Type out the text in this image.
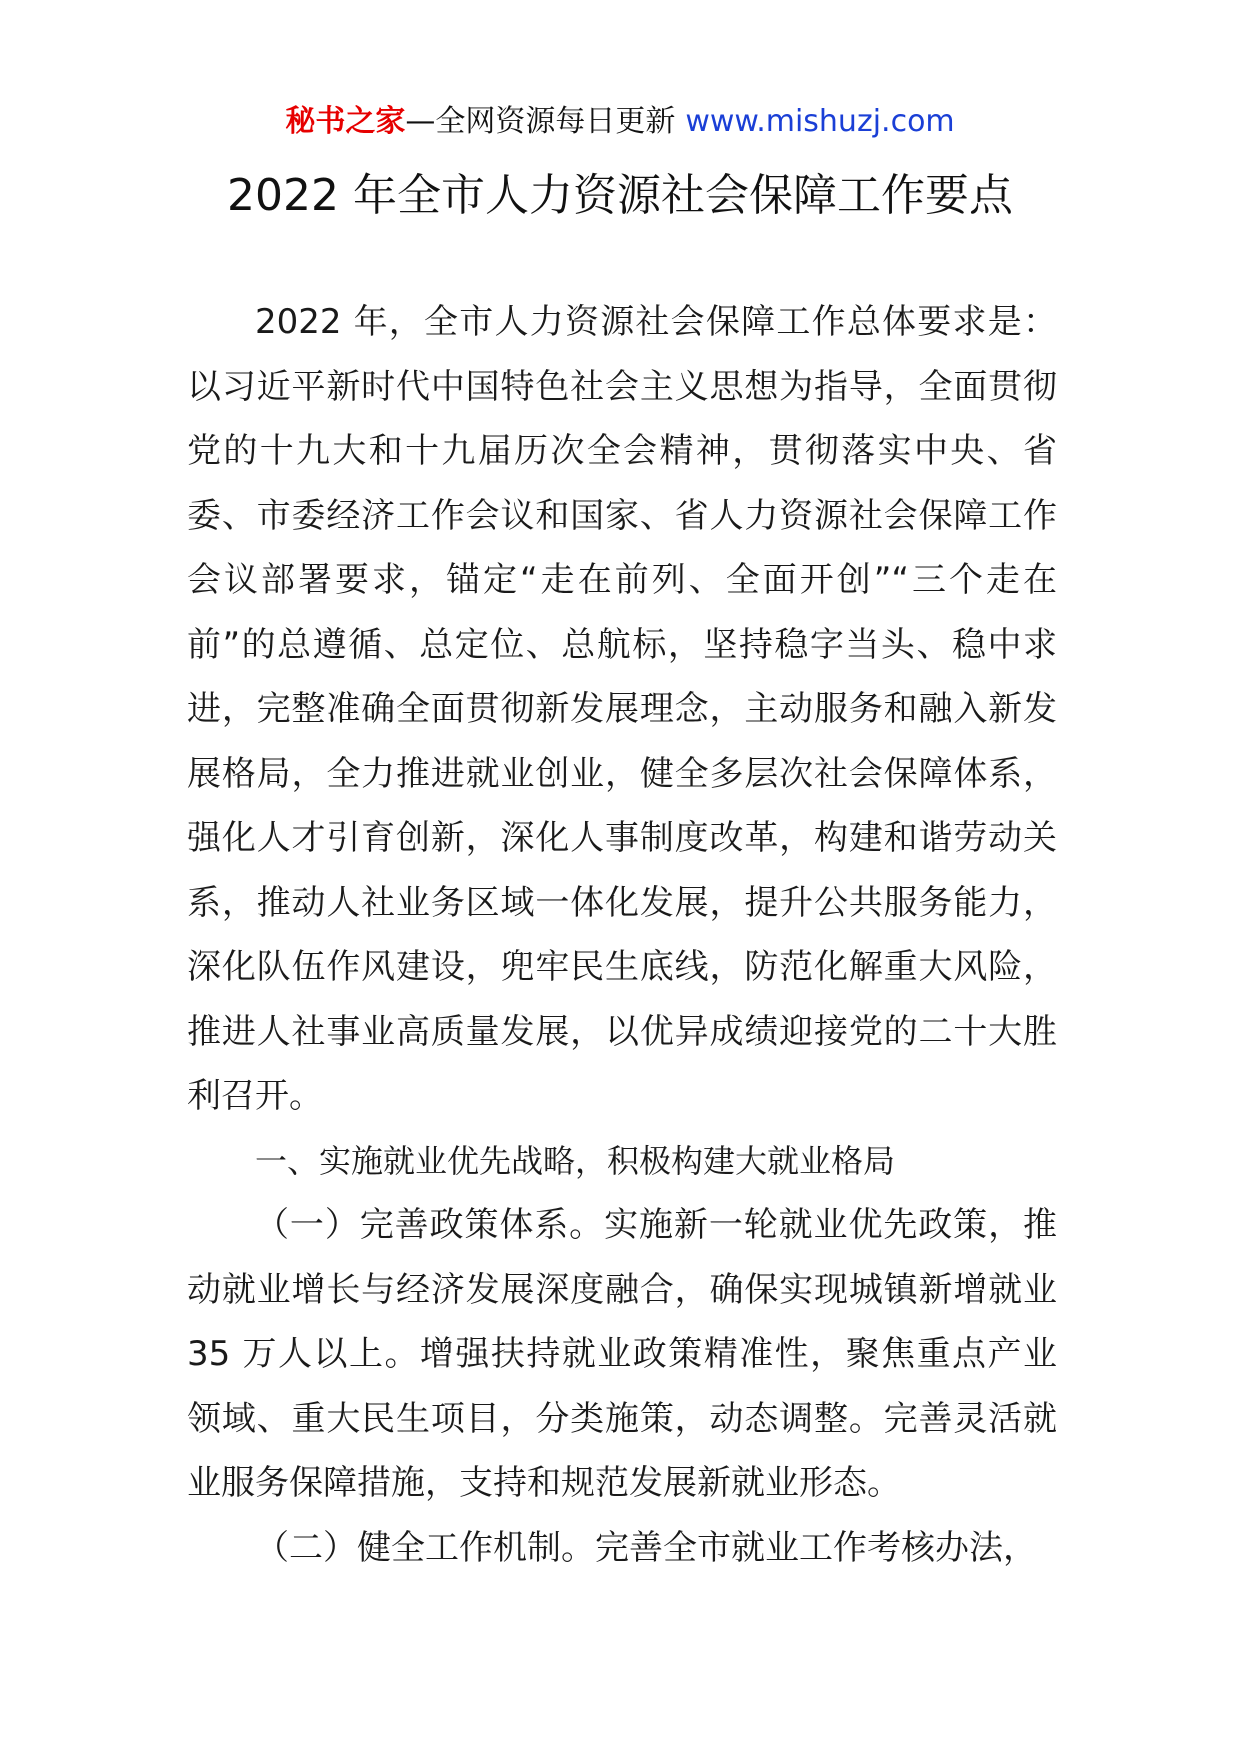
秘书之家—全网资源每日更新 www.mishuzj.com
2022 年全市人力资源社会保障工作要点

2022 年，全市人力资源社会保障工作总体要求是：以习近平新时代中国特色社会主义思想为指导，全面贯彻党的十九大和十九届历次全会精神，贯彻落实中央、省委、市委经济工作会议和国家、省人力资源社会保障工作会议部署要求，锚定“走在前列、全面开创”“三个走在前”的总遵循、总定位、总航标，坚持稳字当头、稳中求进，完整准确全面贯彻新发展理念，主动服务和融入新发展格局，全力推进就业创业，健全多层次社会保障体系，强化人才引育创新，深化人事制度改革，构建和谐劳动关系，推动人社业务区域一体化发展，提升公共服务能力，深化队伍作风建设，兜牢民生底线，防范化解重大风险，推进人社事业高质量发展，以优异成绩迎接党的二十大胜利召开。

一、实施就业优先战略，积极构建大就业格局

（一）完善政策体系。实施新一轮就业优先政策，推动就业增长与经济发展深度融合，确保实现城镇新增就业 35 万人以上。增强扶持就业政策精准性，聚焦重点产业领域、重大民生项目，分类施策，动态调整。完善灵活就业服务保障措施，支持和规范发展新就业形态。

（二）健全工作机制。完善全市就业工作考核办法，
